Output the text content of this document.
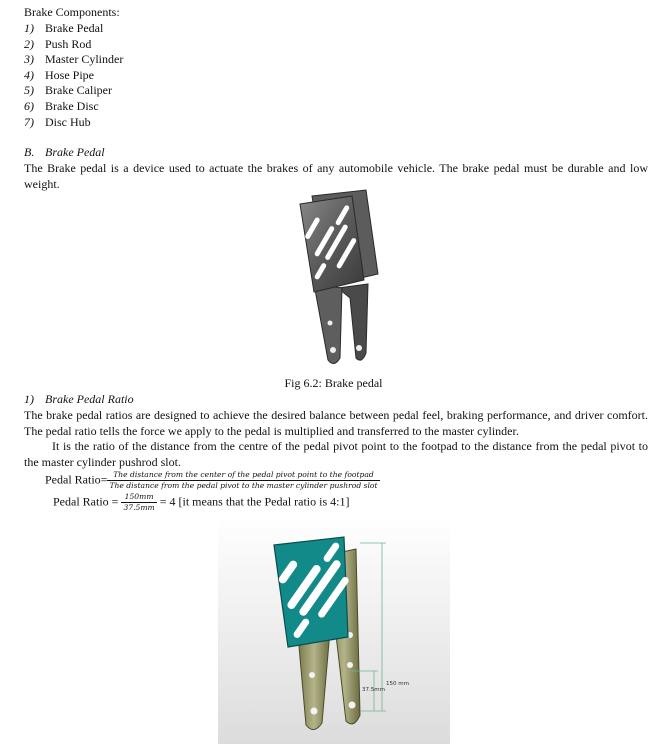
Brake Components:
1) Brake Pedal
2) Push Rod
3) Master Cylinder
4) Hose Pipe
5) Brake Caliper
6) Brake Disc
7) Disc Hub
B. Brake Pedal
The Brake pedal is a device used to actuate the brakes of any automobile vehicle. The brake pedal must be durable and low weight.
Fig 6.2: Brake pedal
1) Brake Pedal Ratio
The brake pedal ratios are designed to achieve the desired balance between pedal feel, braking performance, and driver comfort. The pedal ratio tells the force we apply to the pedal is multiplied and transferred to the master cylinder.
It is the ratio of the distance from the centre of the pedal pivot point to the footpad to the distance from the pedal pivot to the master cylinder pushrod slot.
Pedal Ratio= The distance from the center of the pedal pivot point to the footpad
The distance from the pedal pivot to the master cylinder pushrod slot
Pedal Ratio = $\frac{150mm}{37.5mm} = 4$ [it means that the Pedal ratio is 4:1]
37.5mm
150 mm
